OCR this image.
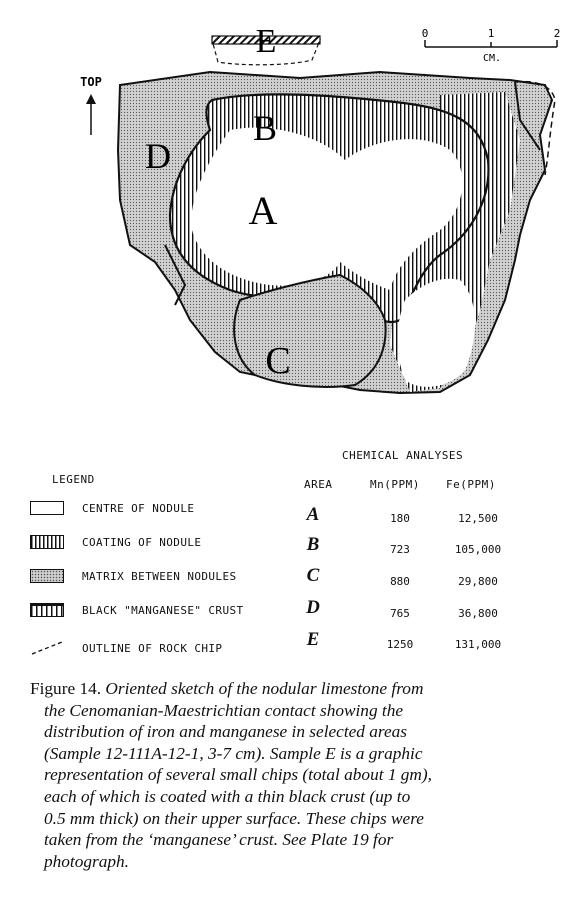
E
B
D
A
C
TOP
0	1	2
CM.
LEGEND
CENTRE OF NODULE
COATING OF NODULE
MATRIX BETWEEN NODULES
BLACK "MANGANESE" CRUST
OUTLINE OF ROCK CHIP
CHEMICAL ANALYSES
AREA	Mn(PPM) Fe(PPM)
A	180	12,500
B	723	105,000
C	880	29,800
D	765	36,800
E	1250	131,000
Figure 14. Oriented sketch of the nodular limestone from
the Cenomanian-Maestrichtian contact showing the
distribution of iron and manganese in selected areas
(Sample 12-111A-12-1, 3-7 cm). Sample E is a graphic
representation of several small chips (total about 1 gm),
each of which is coated with a thin black crust (up to
0.5 mm thick) on their upper surface. These chips were
taken from the ‘manganese’ crust. See Plate 19 for
photograph.
